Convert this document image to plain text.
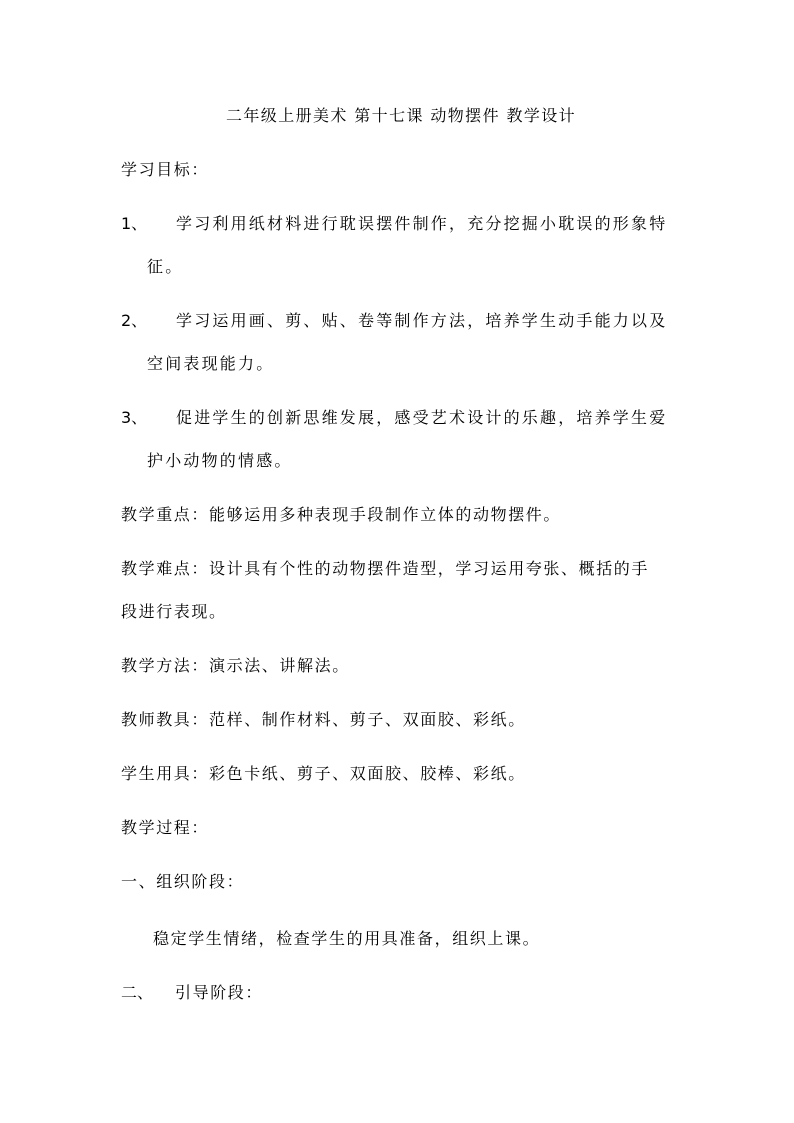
二年级上册美术 第十七课 动物摆件 教学设计
学习目标：
1、 学习利用纸材料进行耽误摆件制作，充分挖掘小耽误的形象特
征。
2、 学习运用画、剪、贴、卷等制作方法，培养学生动手能力以及
空间表现能力。
3、 促进学生的创新思维发展，感受艺术设计的乐趣，培养学生爱
护小动物的情感。
教学重点：能够运用多种表现手段制作立体的动物摆件。
教学难点：设计具有个性的动物摆件造型，学习运用夸张、概括的手
段进行表现。
教学方法：演示法、讲解法。
教师教具：范样、制作材料、剪子、双面胶、彩纸。
学生用具：彩色卡纸、剪子、双面胶、胶棒、彩纸。
教学过程：
一、组织阶段：
稳定学生情绪，检查学生的用具准备，组织上课。
二、 引导阶段：
